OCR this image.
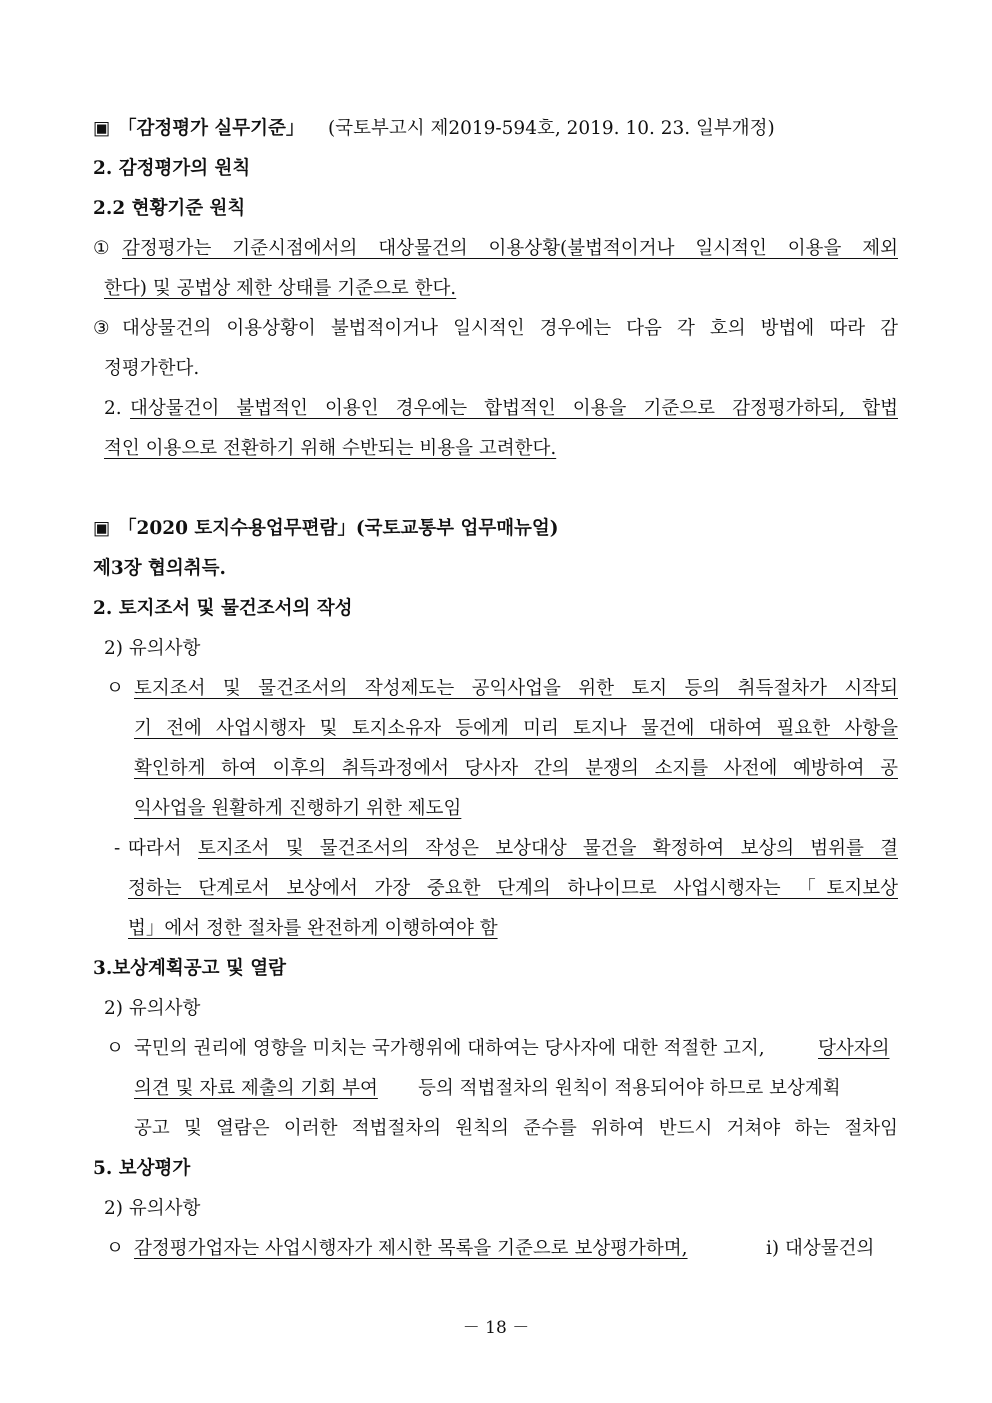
▣ 「감정평가 실무기준」 (국토부고시 제2019-594호, 2019. 10. 23. 일부개정)
2. 감정평가의 원칙
2.2 현황기준 원칙
① 감정평가는 기준시점에서의 대상물건의 이용상황(불법적이거나 일시적인 이용을 제외
한다) 및 공법상 제한 상태를 기준으로 한다.
③ 대상물건의 이용상황이 불법적이거나 일시적인 경우에는 다음 각 호의 방법에 따라 감
정평가한다.
2. 대상물건이 불법적인 이용인 경우에는 합법적인 이용을 기준으로 감정평가하되, 합법
적인 이용으로 전환하기 위해 수반되는 비용을 고려한다.
▣ 「2020 토지수용업무편람」(국토교통부 업무매뉴얼)
제3장 협의취득.
2. 토지조서 및 물건조서의 작성
2) 유의사항
ㅇ 토지조서 및 물건조서의 작성제도는 공익사업을 위한 토지 등의 취득절차가 시작되
기 전에 사업시행자 및 토지소유자 등에게 미리 토지나 물건에 대하여 필요한 사항을
확인하게 하여 이후의 취득과정에서 당사자 간의 분쟁의 소지를 사전에 예방하여 공
익사업을 원활하게 진행하기 위한 제도임
- 따라서 토지조서 및 물건조서의 작성은 보상대상 물건을 확정하여 보상의 범위를 결
정하는 단계로서 보상에서 가장 중요한 단계의 하나이므로 사업시행자는 「토지보상
법」에서 정한 절차를 완전하게 이행하여야 함
3.보상계획공고 및 열람
2) 유의사항
ㅇ 국민의 권리에 영향을 미치는 국가행위에 대하여는 당사자에 대한 적절한 고지,	당사자의
의견 및 자료 제출의 기회 부여 등의 적법절차의 원칙이 적용되어야 하므로 보상계획
공고 및 열람은 이러한 적법절차의 원칙의 준수를 위하여 반드시 거쳐야 하는 절차임
5. 보상평가
2) 유의사항
ㅇ 감정평가업자는 사업시행자가 제시한 목록을 기준으로 보상평가하며,	ⅰ) 대상물건의
－ 18 －
